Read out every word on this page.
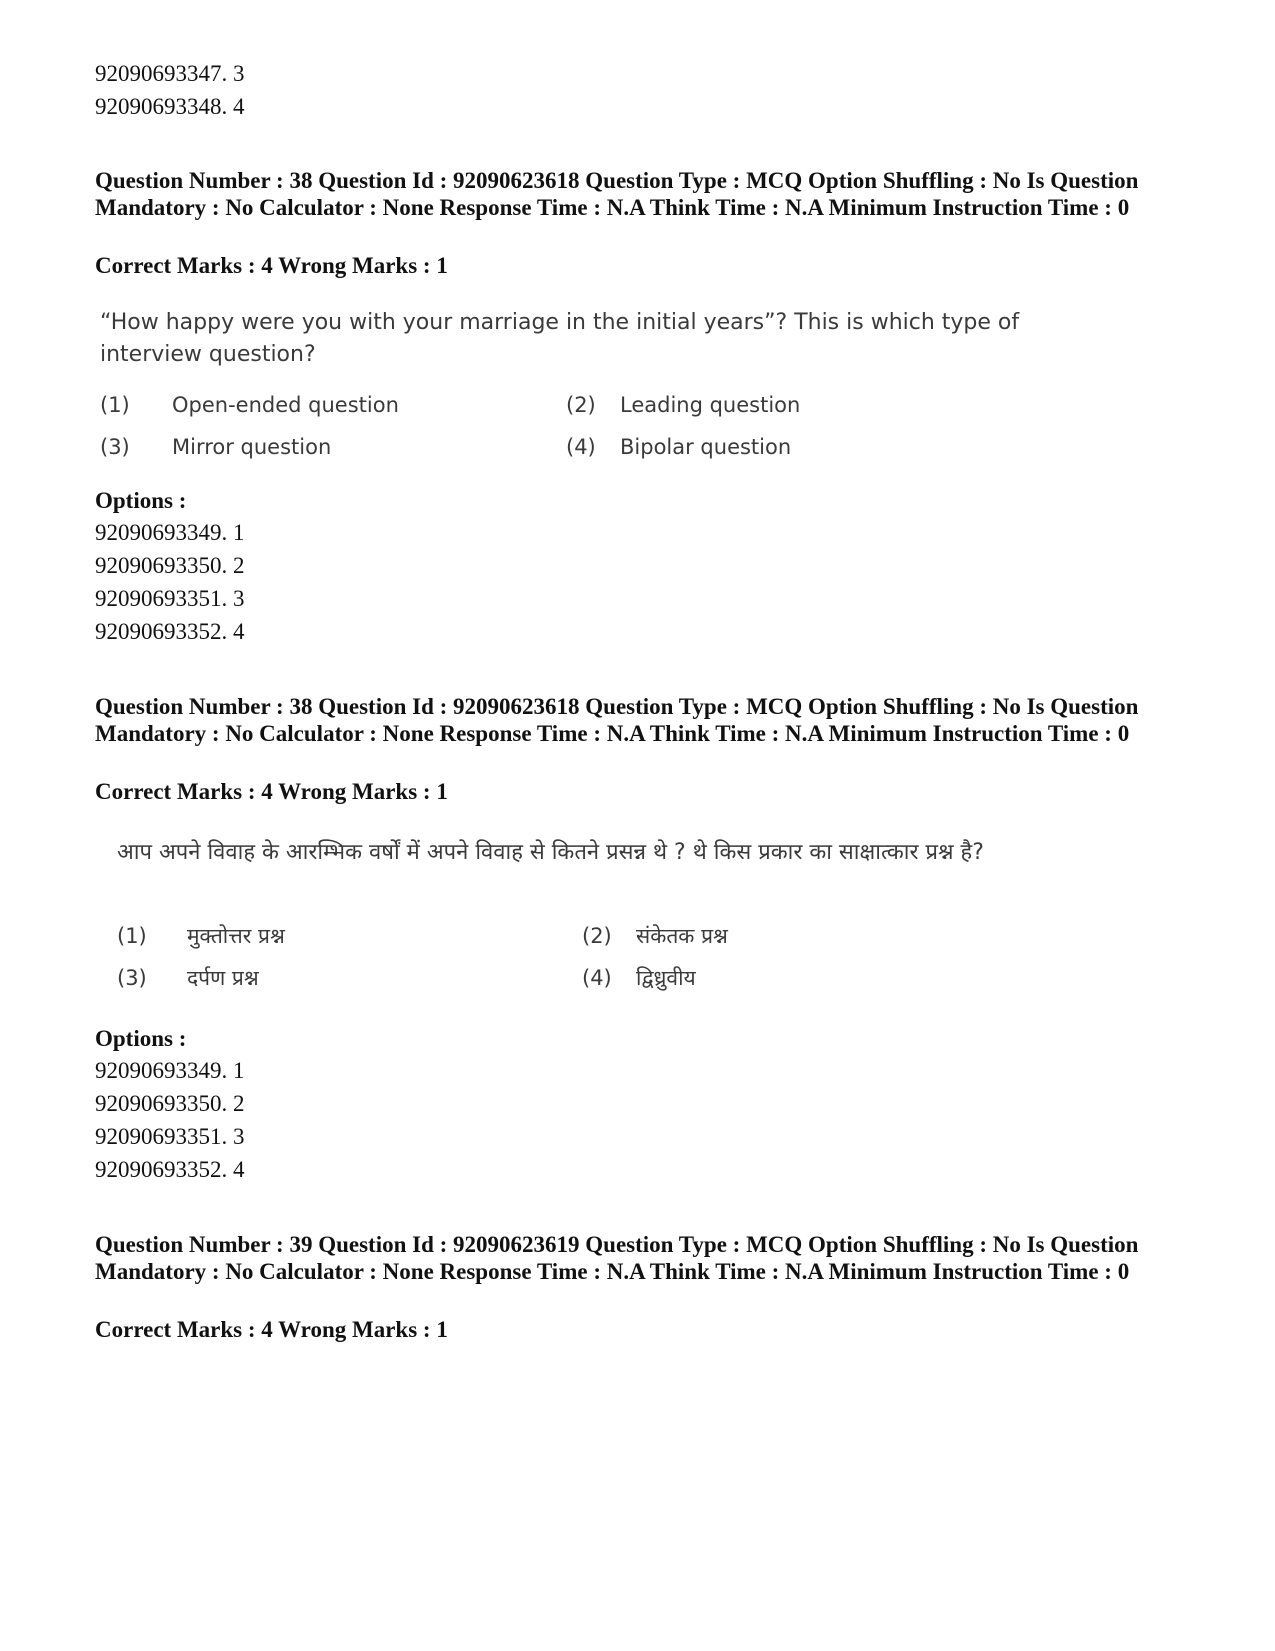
92090693347. 3
92090693348. 4
Question Number : 38 Question Id : 92090623618 Question Type : MCQ Option Shuffling : No Is Question Mandatory : No Calculator : None Response Time : N.A Think Time : N.A Minimum Instruction Time : 0
Correct Marks : 4 Wrong Marks : 1
“How happy were you with your marriage in the initial years”? This is which type of interview question?
(1) Open-ended question	(2) Leading question
(3) Mirror question	(4) Bipolar question
Options :
92090693349. 1
92090693350. 2
92090693351. 3
92090693352. 4
Question Number : 38 Question Id : 92090623618 Question Type : MCQ Option Shuffling : No Is Question Mandatory : No Calculator : None Response Time : N.A Think Time : N.A Minimum Instruction Time : 0
Correct Marks : 4 Wrong Marks : 1
आप अपने विवाह के आरम्भिक वर्षों में अपने विवाह से कितने प्रसन्न थे ? थे किस प्रकार का साक्षात्कार प्रश्न है?
(1) मुक्तोत्तर प्रश्न	(2) संकेतक प्रश्न
(3) दर्पण प्रश्न	(4) द्विध्रुवीय
Options :
92090693349. 1
92090693350. 2
92090693351. 3
92090693352. 4
Question Number : 39 Question Id : 92090623619 Question Type : MCQ Option Shuffling : No Is Question Mandatory : No Calculator : None Response Time : N.A Think Time : N.A Minimum Instruction Time : 0
Correct Marks : 4 Wrong Marks : 1
